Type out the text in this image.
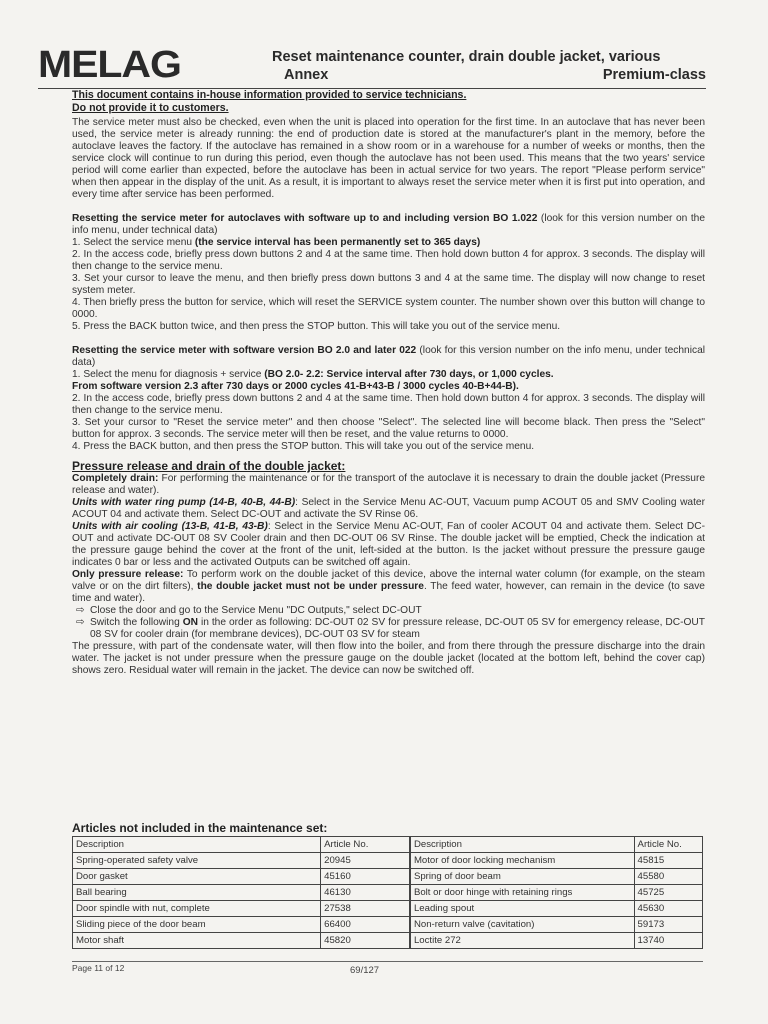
MELAG	Reset maintenance counter, drain double jacket, various
Annex	Premium-class
This document contains in-house information provided to service technicians.
Do not provide it to customers.

The service meter must also be checked, even when the unit is placed into operation for the first time. In an autoclave that has never been used, the service meter is already running: the end of production date is stored at the manufacturer's plant in the memory, before the autoclave leaves the factory. If the autoclave has remained in a show room or in a warehouse for a number of weeks or months, then the service clock will continue to run during this period, even though the autoclave has not been used. This means that the two years' service period will come earlier than expected, before the autoclave has been in actual service for two years. The report "Please perform service" when then appear in the display of the unit. As a result, it is important to always reset the service meter when it is first put into operation, and every time after service has been performed.

Resetting the service meter for autoclaves with software up to and including version BO 1.022 (look for this version number on the info menu, under technical data)

1. Select the service menu (the service interval has been permanently set to 365 days)

2. In the access code, briefly press down buttons 2 and 4 at the same time. Then hold down button 4 for approx. 3 seconds. The display will then change to the service menu.

3. Set your cursor to leave the menu, and then briefly press down buttons 3 and 4 at the same time. The display will now change to reset system meter.

4. Then briefly press the button for service, which will reset the SERVICE system counter. The number shown over this button will change to 0000.

5. Press the BACK button twice, and then press the STOP button. This will take you out of the service menu.

Resetting the service meter with software version BO 2.0 and later 022 (look for this version number on the info menu, under technical data)

1. Select the menu for diagnosis + service (BO 2.0- 2.2: Service interval after 730 days, or 1,000 cycles.

From software version 2.3 after 730 days or 2000 cycles 41-B+43-B / 3000 cycles 40-B+44-B).

2. In the access code, briefly press down buttons 2 and 4 at the same time. Then hold down button 4 for approx. 3 seconds. The display will then change to the service menu.

3. Set your cursor to "Reset the service meter" and then choose "Select". The selected line will become black. Then press the "Select" button for approx. 3 seconds. The service meter will then be reset, and the value returns to 0000.

4. Press the BACK button, and then press the STOP button. This will take you out of the service menu.

Pressure release and drain of the double jacket:

Completely drain: For performing the maintenance or for the transport of the autoclave it is necessary to drain the double jacket (Pressure release and water).

Units with water ring pump (14-B, 40-B, 44-B): Select in the Service Menu AC-OUT, Vacuum pump ACOUT 05 and SMV Cooling water ACOUT 04 and activate them. Select DC-OUT and activate the SV Rinse 06.

Units with air cooling (13-B, 41-B, 43-B): Select in the Service Menu AC-OUT, Fan of cooler ACOUT 04 and activate them. Select DC-OUT and activate DC-OUT 08 SV Cooler drain and then DC-OUT 06 SV Rinse. The double jacket will be emptied, Check the indication at the pressure gauge behind the cover at the front of the unit, left-sided at the button. Is the jacket without pressure the pressure gauge indicates 0 bar or less and the activated Outputs can be switched off again.

Only pressure release: To perform work on the double jacket of this device, above the internal water column (for example, on the steam valve or on the dirt filters), the double jacket must not be under pressure. The feed water, however, can remain in the device (to save time and water).

⇨ Close the door and go to the Service Menu "DC Outputs," select DC-OUT

⇨ Switch the following ON in the order as following: DC-OUT 02 SV for pressure release, DC-OUT 05 SV for emergency release, DC-OUT 08 SV for cooler drain (for membrane devices), DC-OUT 03 SV for steam

The pressure, with part of the condensate water, will then flow into the boiler, and from there through the pressure discharge into the drain water. The jacket is not under pressure when the pressure gauge on the double jacket (located at the bottom left, behind the cover cap) shows zero. Residual water will remain in the jacket. The device can now be switched off.

Articles not included in the maintenance set:
Description	Article No.	Description	Article No.
Spring-operated safety valve	20945	Motor of door locking mechanism	45815
Door gasket	45160	Spring of door beam	45580
Ball bearing	46130	Bolt or door hinge with retaining rings	45725
Door spindle with nut, complete	27538	Leading spout	45630
Sliding piece of the door beam	66400	Non-return valve (cavitation)	59173
Motor shaft	45820	Loctite 272	13740
Page 11 of 12	69/127
